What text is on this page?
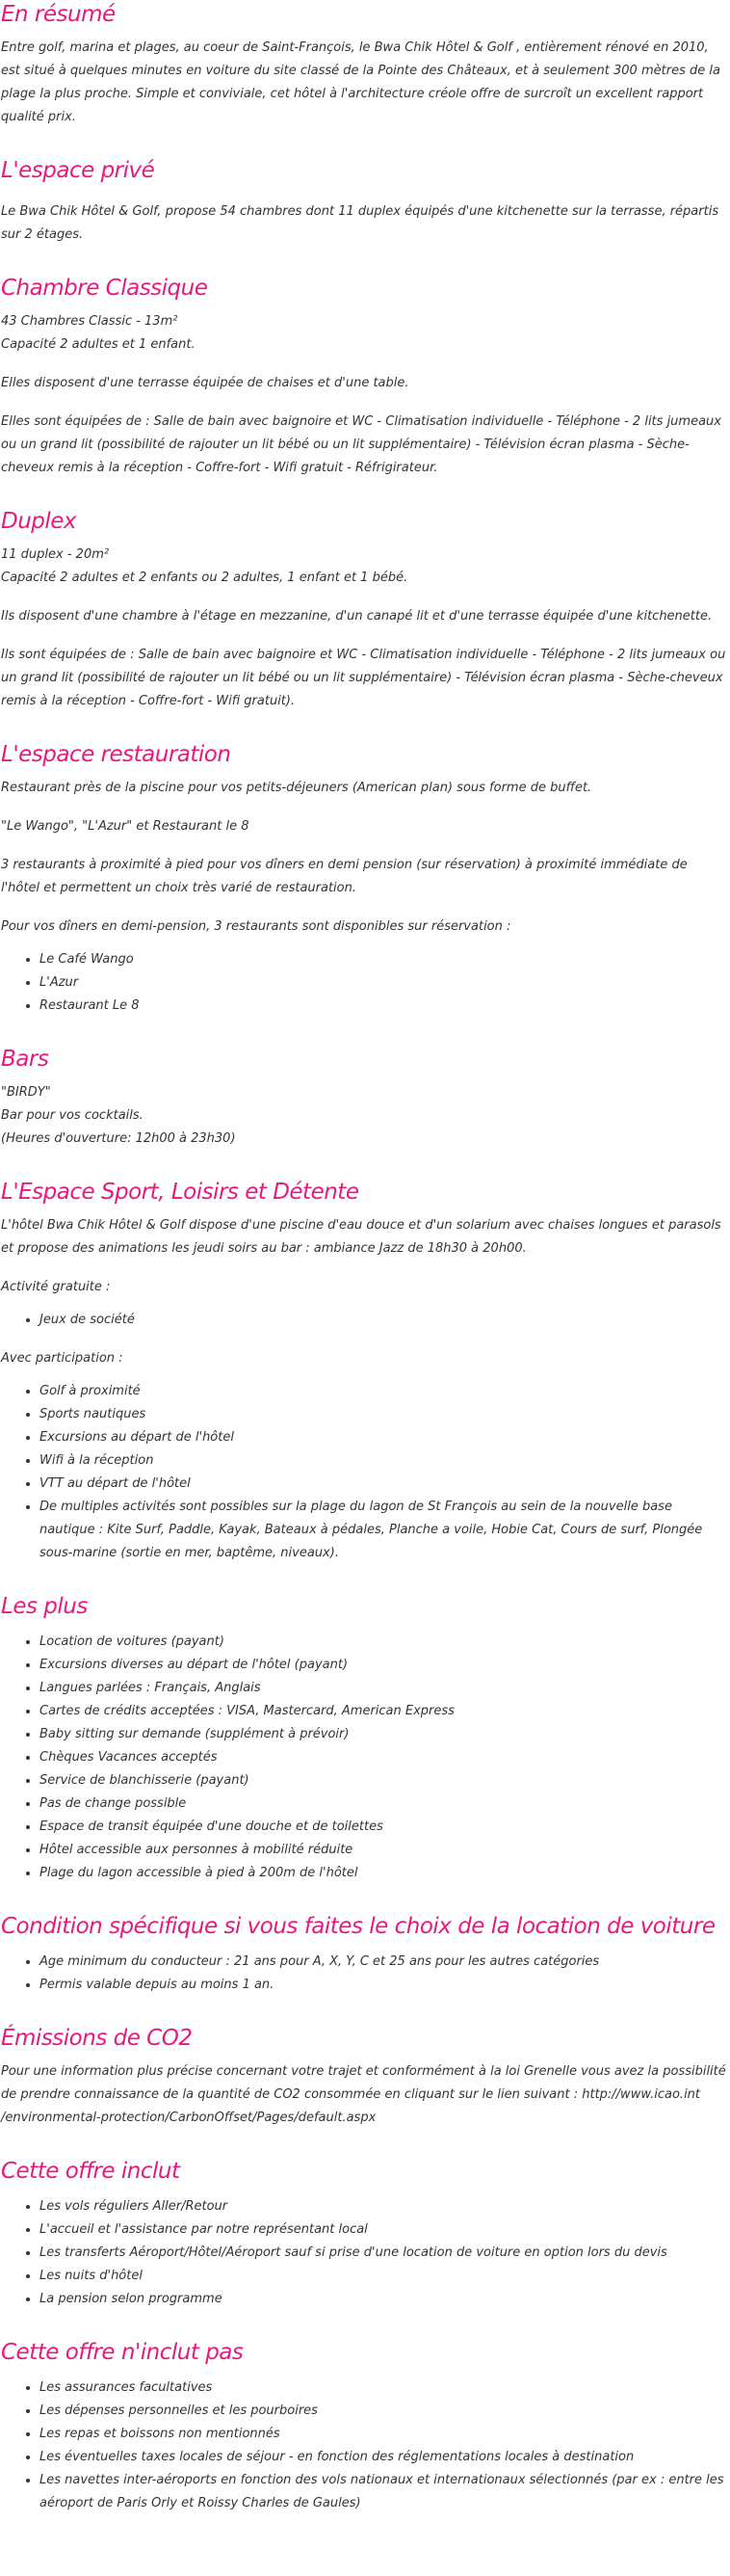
En résumé

Entre golf, marina et plages, au coeur de Saint-François, le Bwa Chik Hôtel & Golf , entièrement rénové en 2010, est situé à quelques minutes en voiture du site classé de la Pointe des Châteaux, et à seulement 300 mètres de la plage la plus proche. Simple et conviviale, cet hôtel à l'architecture créole offre de surcroît un excellent rapport qualité prix.

L'espace privé

Le Bwa Chik Hôtel & Golf, propose 54 chambres dont 11 duplex équipés d'une kitchenette sur la terrasse, répartis sur 2 étages.

Chambre Classique

43 Chambres Classic - 13m²

Capacité 2 adultes et 1 enfant.

Elles disposent d'une terrasse équipée de chaises et d'une table.

Elles sont équipées de : Salle de bain avec baignoire et WC - Climatisation individuelle - Téléphone - 2 lits jumeaux ou un grand lit (possibilité de rajouter un lit bébé ou un lit supplémentaire) - Télévision écran plasma - Sèche-cheveux remis à la réception - Coffre-fort - Wifi gratuit - Réfrigirateur.

Duplex

11 duplex - 20m²

Capacité 2 adultes et 2 enfants ou 2 adultes, 1 enfant et 1 bébé.

Ils disposent d'une chambre à l'étage en mezzanine, d'un canapé lit et d'une terrasse équipée d'une kitchenette.

Ils sont équipées de : Salle de bain avec baignoire et WC - Climatisation individuelle - Téléphone - 2 lits jumeaux ou un grand lit (possibilité de rajouter un lit bébé ou un lit supplémentaire) - Télévision écran plasma - Sèche-cheveux remis à la réception - Coffre-fort - Wifi gratuit).

L'espace restauration

Restaurant près de la piscine pour vos petits-déjeuners (American plan) sous forme de buffet.

"Le Wango", "L'Azur" et Restaurant le 8

3 restaurants à proximité à pied pour vos dîners en demi pension (sur réservation) à proximité immédiate de l'hôtel et permettent un choix très varié de restauration.

Pour vos dîners en demi-pension, 3 restaurants sont disponibles sur réservation :

• Le Café Wango
• L'Azur
• Restaurant Le 8
Bars

"BIRDY"

Bar pour vos cocktails.

(Heures d'ouverture: 12h00 à 23h30)

L'Espace Sport, Loisirs et Détente

L'hôtel Bwa Chik Hôtel & Golf dispose d'une piscine d'eau douce et d'un solarium avec chaises longues et parasols et propose des animations les jeudi soirs au bar : ambiance Jazz de 18h30 à 20h00.

Activité gratuite :

• Jeux de société

Avec participation :

• Golf à proximité
• Sports nautiques
• Excursions au départ de l'hôtel
• Wifi à la réception
• VTT au départ de l'hôtel
• De multiples activités sont possibles sur la plage du lagon de St François au sein de la nouvelle base nautique : Kite Surf, Paddle, Kayak, Bateaux à pédales, Planche a voile, Hobie Cat, Cours de surf, Plongée sous-marine (sortie en mer, baptême, niveaux).
Les plus
• Location de voitures (payant)
• Excursions diverses au départ de l'hôtel (payant)
• Langues parlées : Français, Anglais
• Cartes de crédits acceptées : VISA, Mastercard, American Express
• Baby sitting sur demande (supplément à prévoir)
• Chèques Vacances acceptés
• Service de blanchisserie (payant)
• Pas de change possible
• Espace de transit équipée d'une douche et de toilettes
• Hôtel accessible aux personnes à mobilité réduite
• Plage du lagon accessible à pied à 200m de l'hôtel
Condition spécifique si vous faites le choix de la location de voiture
• Age minimum du conducteur : 21 ans pour A, X, Y, C et 25 ans pour les autres catégories
• Permis valable depuis au moins 1 an.
Émissions de CO2

Pour une information plus précise concernant votre trajet et conformément à la loi Grenelle vous avez la possibilité de prendre connaissance de la quantité de CO2 consommée en cliquant sur le lien suivant : http://www.icao.int /environmental-protection/CarbonOffset/Pages/default.aspx

Cette offre inclut
• Les vols réguliers Aller/Retour
• L'accueil et l'assistance par notre représentant local
• Les transferts Aéroport/Hôtel/Aéroport sauf si prise d'une location de voiture en option lors du devis
• Les nuits d'hôtel
• La pension selon programme
Cette offre n'inclut pas
• Les assurances facultatives
• Les dépenses personnelles et les pourboires
• Les repas et boissons non mentionnés
• Les éventuelles taxes locales de séjour - en fonction des réglementations locales à destination
• Les navettes inter-aéroports en fonction des vols nationaux et internationaux sélectionnés (par ex : entre les aéroport de Paris Orly et Roissy Charles de Gaules)
